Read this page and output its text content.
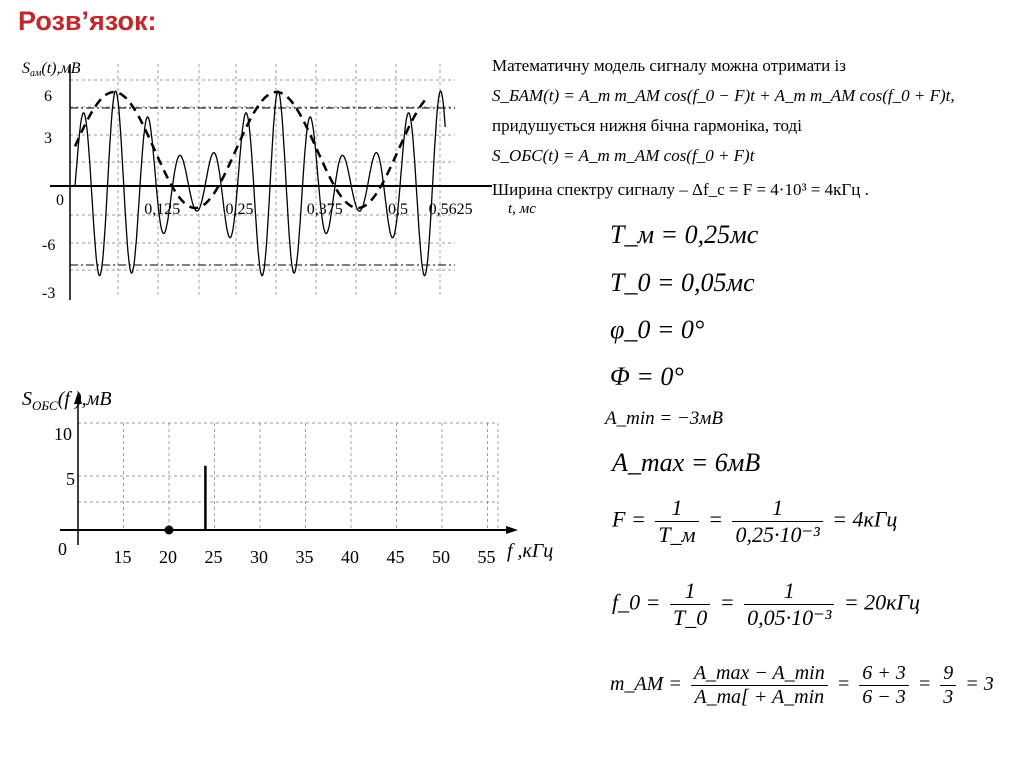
Розв’язок:
Sам(t),мВ
6
3
0
-6
-3
0,125	0,25	0,375	0,5 0,5625 t, мс
Математичну модель сигналу можна отримати із
S_БАМ(t) = A_m m_AM cos(f_0 − F)t + A_m m_AM cos(f_0 + F)t,
придушується нижня бічна гармоніка, тоді
S_ОБС(t) = A_m m_AM cos(f_0 + F)t
Ширина спектру сигналу – Δf_c = F = 4·10³ = 4кГц .
$S_{ОБС}(f$ ),мВ
10
5
0	15 20 25 30 35 40 45 50 55 f ,кГц
T_м = 0,25мс
T_0 = 0,05мс
φ_0 = 0°
Φ = 0°
A_min = −3мВ
A_max = 6мВ
$F = \frac{1}{T\_м} = \frac{1}{\text{0,25·10⁻³}} = 4кГц$
f_0 = $\frac{1}{T\_0} = \frac{1}{\text{0,05·10⁻³}} = 20кГц$
m_AM = $\frac{A\_\max - A\_\min}{A\_ma[ + A\_\min} = \frac{6 + 3}{6 - 3} = \frac{9}{3} = 3$
